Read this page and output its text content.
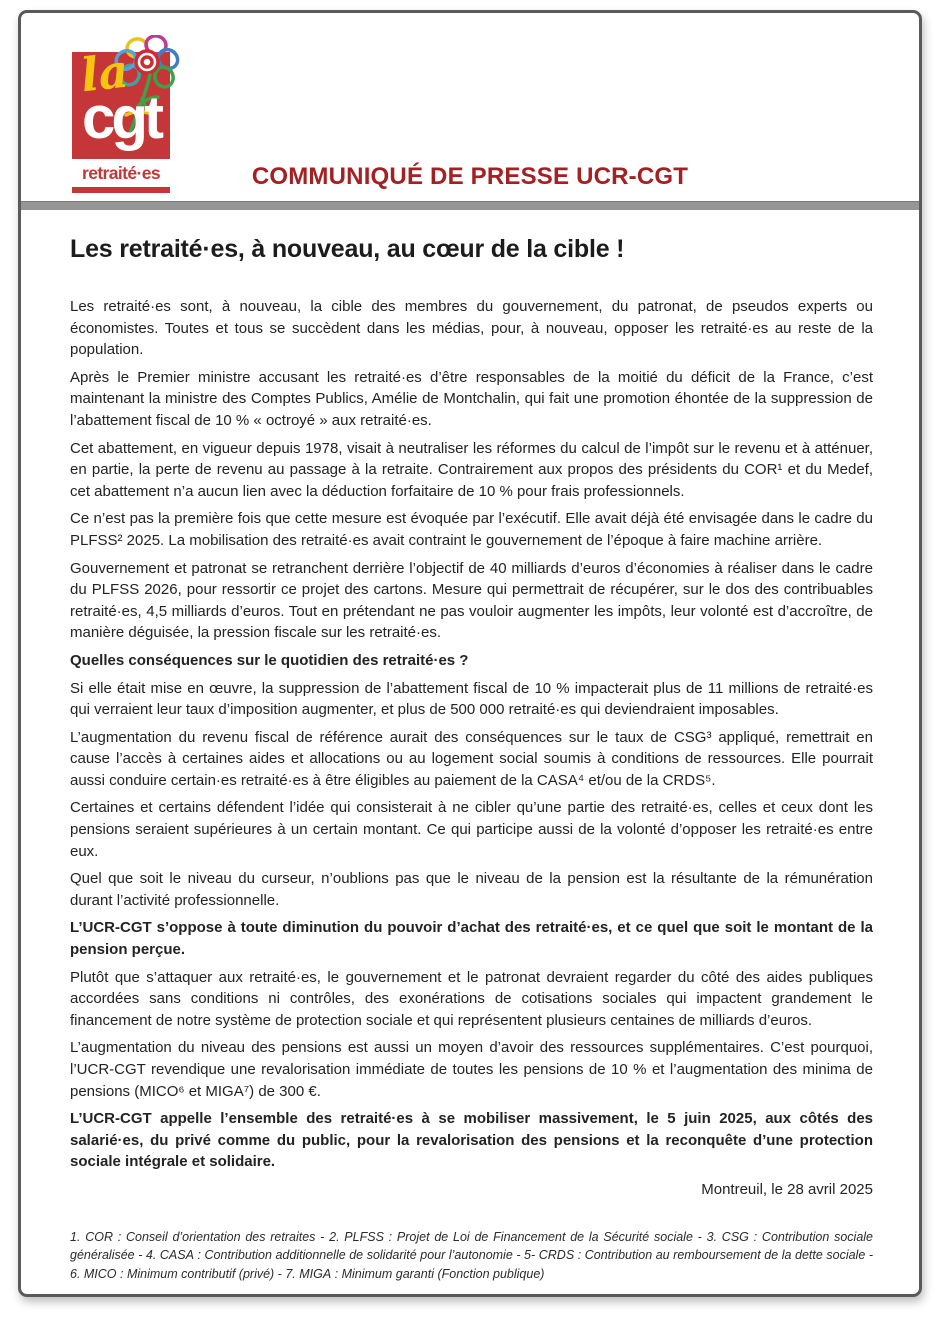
la
cgt
retraité·es	COMMUNIQUÉ DE PRESSE UCR-CGT
Les retraité·es, à nouveau, au cœur de la cible !

Les retraité·es sont, à nouveau, la cible des membres du gouvernement, du patronat, de pseudos experts ou économistes. Toutes et tous se succèdent dans les médias, pour, à nouveau, opposer les retraité·es au reste de la population.

Après le Premier ministre accusant les retraité·es d’être responsables de la moitié du déficit de la France, c’est maintenant la ministre des Comptes Publics, Amélie de Montchalin, qui fait une promotion éhontée de la suppression de l’abattement fiscal de 10 % « octroyé » aux retraité·es.

Cet abattement, en vigueur depuis 1978, visait à neutraliser les réformes du calcul de l’impôt sur le revenu et à atténuer, en partie, la perte de revenu au passage à la retraite. Contrairement aux propos des présidents du COR¹ et du Medef, cet abattement n’a aucun lien avec la déduction forfaitaire de 10 % pour frais professionnels.

Ce n’est pas la première fois que cette mesure est évoquée par l’exécutif. Elle avait déjà été envisagée dans le cadre du PLFSS² 2025. La mobilisation des retraité·es avait contraint le gouvernement de l’époque à faire machine arrière.

Gouvernement et patronat se retranchent derrière l’objectif de 40 milliards d’euros d’économies à réaliser dans le cadre du PLFSS 2026, pour ressortir ce projet des cartons. Mesure qui permettrait de récupérer, sur le dos des contribuables retraité·es, 4,5 milliards d’euros. Tout en prétendant ne pas vouloir augmenter les impôts, leur volonté est d’accroître, de manière déguisée, la pression fiscale sur les retraité·es.

Quelles conséquences sur le quotidien des retraité·es ?

Si elle était mise en œuvre, la suppression de l’abattement fiscal de 10 % impacterait plus de 11 millions de retraité·es qui verraient leur taux d’imposition augmenter, et plus de 500 000 retraité·es qui deviendraient imposables.

L’augmentation du revenu fiscal de référence aurait des conséquences sur le taux de CSG³ appliqué, remettrait en cause l’accès à certaines aides et allocations ou au logement social soumis à conditions de ressources. Elle pourrait aussi conduire certain·es retraité·es à être éligibles au paiement de la CASA⁴ et/ou de la CRDS⁵.

Certaines et certains défendent l’idée qui consisterait à ne cibler qu’une partie des retraité·es, celles et ceux dont les pensions seraient supérieures à un certain montant. Ce qui participe aussi de la volonté d’opposer les retraité·es entre eux.

Quel que soit le niveau du curseur, n’oublions pas que le niveau de la pension est la résultante de la rémunération durant l’activité professionnelle.

L’UCR-CGT s’oppose à toute diminution du pouvoir d’achat des retraité·es, et ce quel que soit le montant de la pension perçue.

Plutôt que s’attaquer aux retraité·es, le gouvernement et le patronat devraient regarder du côté des aides publiques accordées sans conditions ni contrôles, des exonérations de cotisations sociales qui impactent grandement le financement de notre système de protection sociale et qui représentent plusieurs centaines de milliards d’euros.

L’augmentation du niveau des pensions est aussi un moyen d’avoir des ressources supplémentaires. C’est pourquoi, l’UCR-CGT revendique une revalorisation immédiate de toutes les pensions de 10 % et l’augmentation des minima de pensions (MICO⁶ et MIGA⁷) de 300 €.

L’UCR-CGT appelle l’ensemble des retraité·es à se mobiliser massivement, le 5 juin 2025, aux côtés des salarié·es, du privé comme du public, pour la revalorisation des pensions et la reconquête d’une protection sociale intégrale et solidaire.

Montreuil, le 28 avril 2025
1. COR : Conseil d’orientation des retraites - 2. PLFSS : Projet de Loi de Financement de la Sécurité sociale - 3. CSG : Contribution sociale généralisée - 4. CASA : Contribution additionnelle de solidarité pour l’autonomie - 5- CRDS : Contribution au remboursement de la dette sociale - 6. MICO : Minimum contributif (privé) - 7. MIGA : Minimum garanti (Fonction publique)
